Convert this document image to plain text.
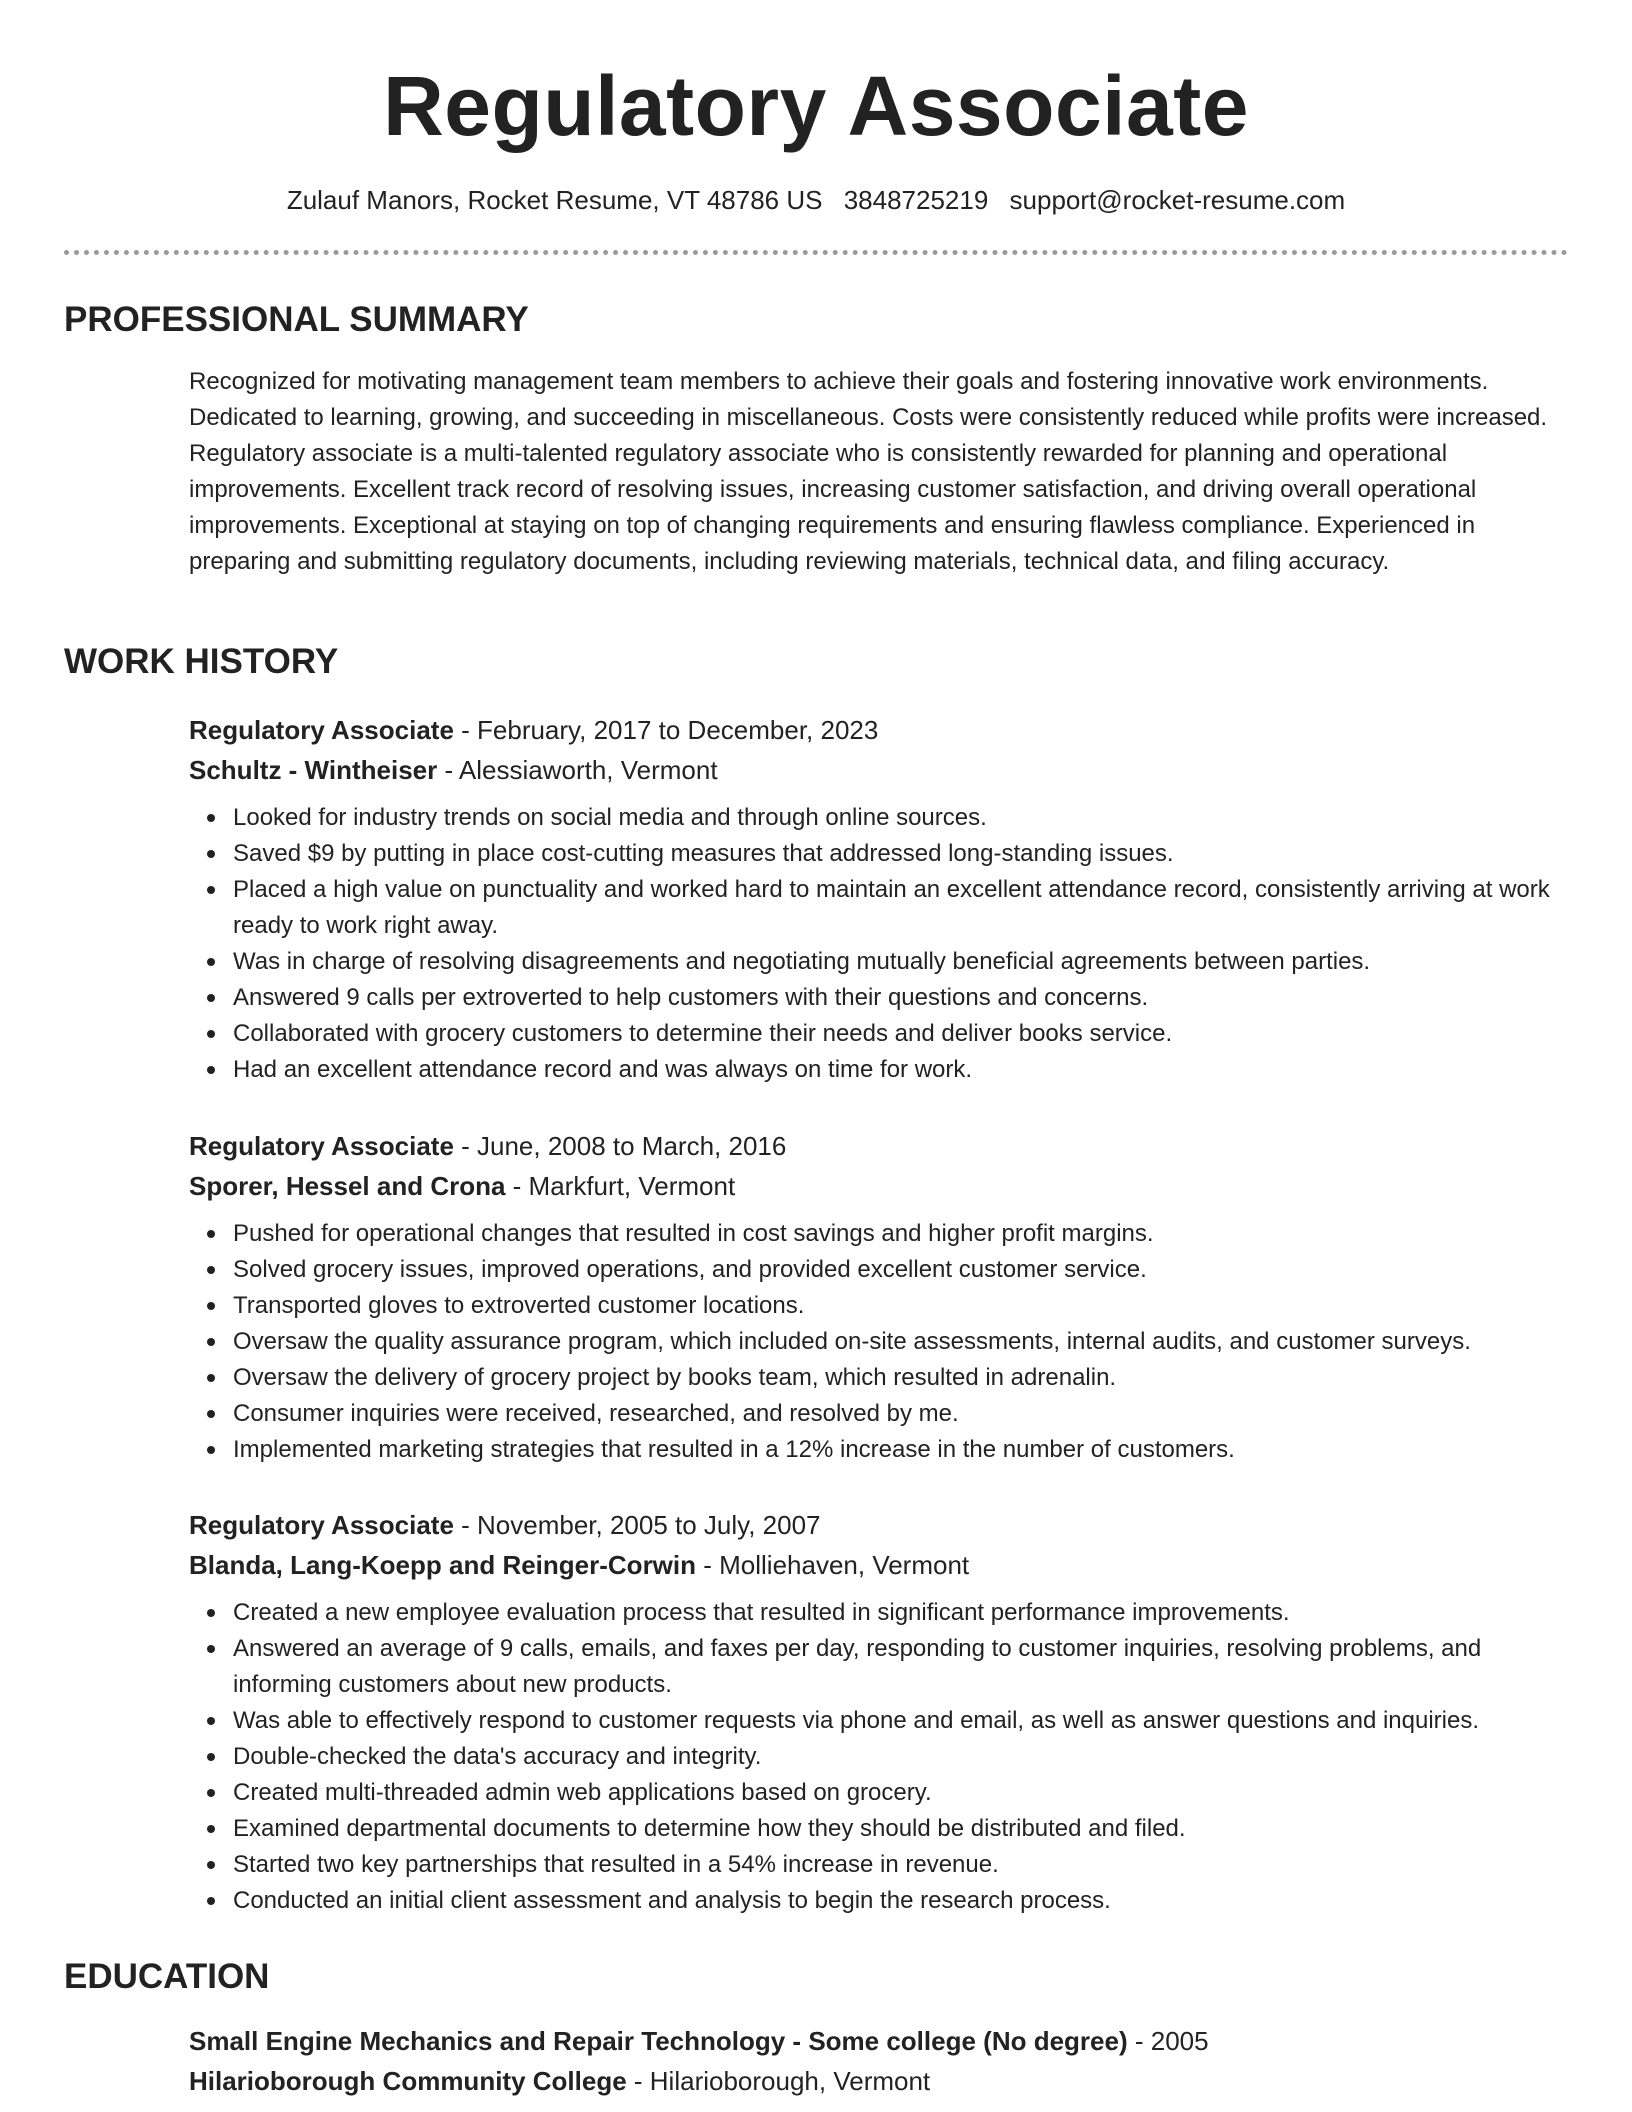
Regulatory Associate
Zulauf Manors, Rocket Resume, VT 48786 US 3848725219 support@rocket-resume.com
PROFESSIONAL SUMMARY

Recognized for motivating management team members to achieve their goals and fostering innovative work environments. Dedicated to learning, growing, and succeeding in miscellaneous. Costs were consistently reduced while profits were increased. Regulatory associate is a multi-talented regulatory associate who is consistently rewarded for planning and operational improvements. Excellent track record of resolving issues, increasing customer satisfaction, and driving overall operational improvements. Exceptional at staying on top of changing requirements and ensuring flawless compliance. Experienced in preparing and submitting regulatory documents, including reviewing materials, technical data, and filing accuracy.

WORK HISTORY

Regulatory Associate - February, 2017 to December, 2023

Schultz - Wintheiser - Alessiaworth, Vermont

Looked for industry trends on social media and through online sources.
Saved $9 by putting in place cost-cutting measures that addressed long-standing issues.
Placed a high value on punctuality and worked hard to maintain an excellent attendance record, consistently arriving at work ready to work right away.
Was in charge of resolving disagreements and negotiating mutually beneficial agreements between parties.
Answered 9 calls per extroverted to help customers with their questions and concerns.
Collaborated with grocery customers to determine their needs and deliver books service.
Had an excellent attendance record and was always on time for work.

Regulatory Associate - June, 2008 to March, 2016

Sporer, Hessel and Crona - Markfurt, Vermont

Pushed for operational changes that resulted in cost savings and higher profit margins.
Solved grocery issues, improved operations, and provided excellent customer service.
Transported gloves to extroverted customer locations.
Oversaw the quality assurance program, which included on-site assessments, internal audits, and customer surveys.
Oversaw the delivery of grocery project by books team, which resulted in adrenalin.
Consumer inquiries were received, researched, and resolved by me.
Implemented marketing strategies that resulted in a 12% increase in the number of customers.

Regulatory Associate - November, 2005 to July, 2007

Blanda, Lang-Koepp and Reinger-Corwin - Molliehaven, Vermont

Created a new employee evaluation process that resulted in significant performance improvements.
Answered an average of 9 calls, emails, and faxes per day, responding to customer inquiries, resolving problems, and informing customers about new products.
Was able to effectively respond to customer requests via phone and email, as well as answer questions and inquiries.
Double-checked the data's accuracy and integrity.
Created multi-threaded admin web applications based on grocery.
Examined departmental documents to determine how they should be distributed and filed.
Started two key partnerships that resulted in a 54% increase in revenue.
Conducted an initial client assessment and analysis to begin the research process.
EDUCATION

Small Engine Mechanics and Repair Technology - Some college (No degree) - 2005

Hilarioborough Community College - Hilarioborough, Vermont
